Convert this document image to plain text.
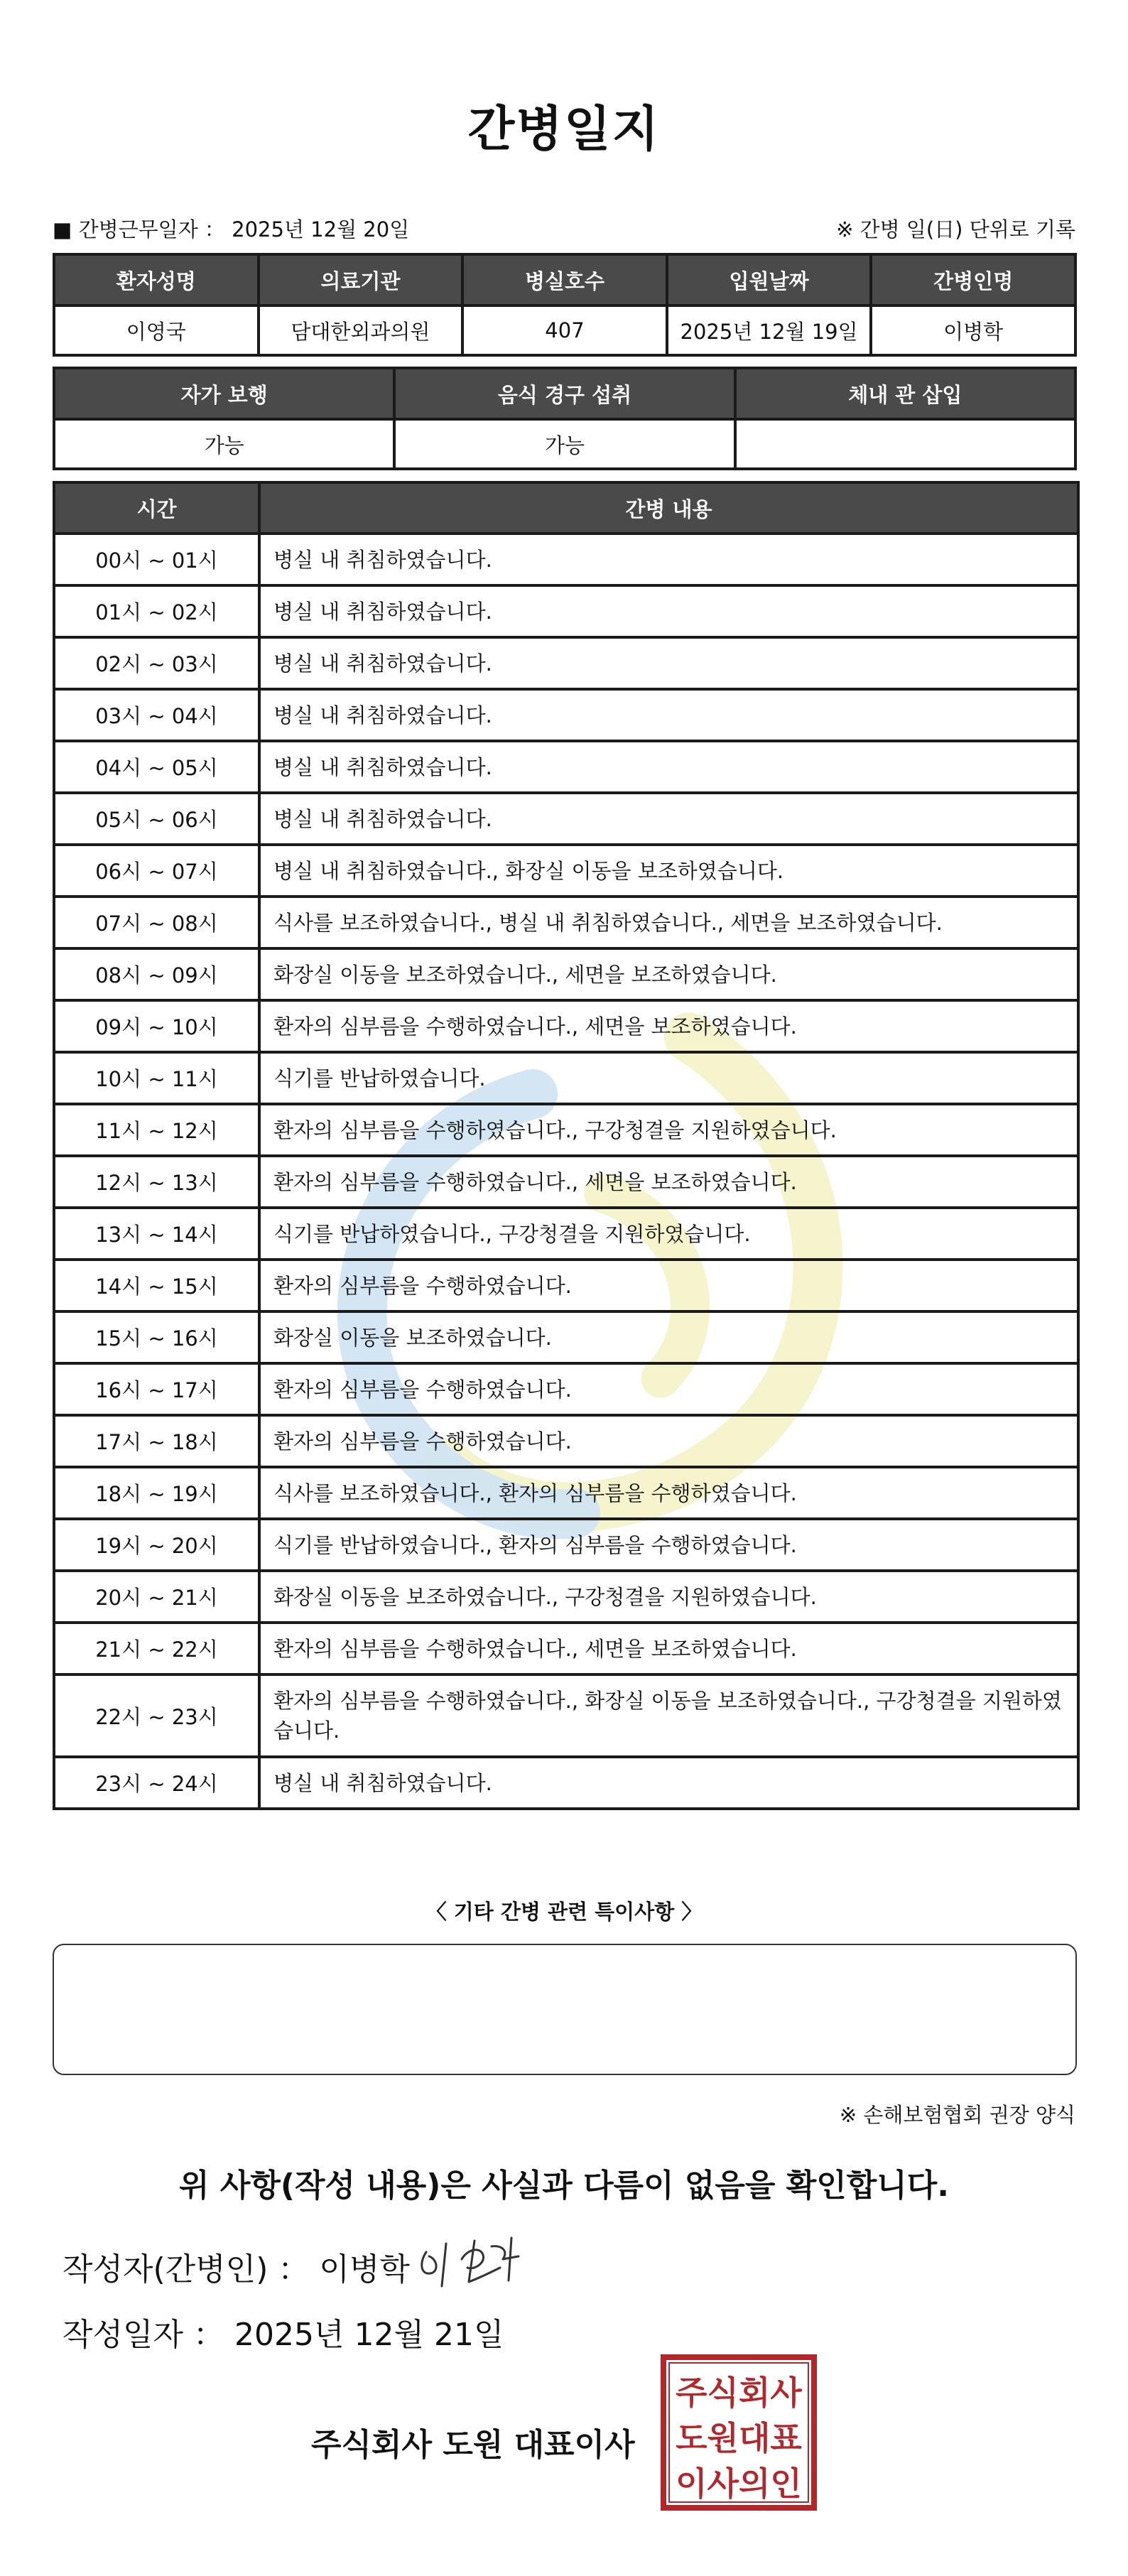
간병일지
■ 간병근무일자 ： 2025년 12월 20일	※ 간병 일(日) 단위로 기록
환자성명	의료기관	병실호수	입원날짜	간병인명
이영국	담대한외과의원	407	2025년 12월 19일	이병학
자가 보행	음식 경구 섭취	체내 관 삽입
가능	가능	
시간	간병 내용
00시 ~ 01시	병실 내 취침하였습니다.
01시 ~ 02시	병실 내 취침하였습니다.
02시 ~ 03시	병실 내 취침하였습니다.
03시 ~ 04시	병실 내 취침하였습니다.
04시 ~ 05시	병실 내 취침하였습니다.
05시 ~ 06시	병실 내 취침하였습니다.
06시 ~ 07시	병실 내 취침하였습니다., 화장실 이동을 보조하였습니다.
07시 ~ 08시	식사를 보조하였습니다., 병실 내 취침하였습니다., 세면을 보조하였습니다.
08시 ~ 09시	화장실 이동을 보조하였습니다., 세면을 보조하였습니다.
09시 ~ 10시	환자의 심부름을 수행하였습니다., 세면을 보조하였습니다.
10시 ~ 11시	식기를 반납하였습니다.
11시 ~ 12시	환자의 심부름을 수행하였습니다., 구강청결을 지원하였습니다.
12시 ~ 13시	환자의 심부름을 수행하였습니다., 세면을 보조하였습니다.
13시 ~ 14시	식기를 반납하였습니다., 구강청결을 지원하였습니다.
14시 ~ 15시	환자의 심부름을 수행하였습니다.
15시 ~ 16시	화장실 이동을 보조하였습니다.
16시 ~ 17시	환자의 심부름을 수행하였습니다.
17시 ~ 18시	환자의 심부름을 수행하였습니다.
18시 ~ 19시	식사를 보조하였습니다., 환자의 심부름을 수행하였습니다.
19시 ~ 20시	식기를 반납하였습니다., 환자의 심부름을 수행하였습니다.
20시 ~ 21시	화장실 이동을 보조하였습니다., 구강청결을 지원하였습니다.
21시 ~ 22시	환자의 심부름을 수행하였습니다., 세면을 보조하였습니다.
22시 ~ 23시	환자의 심부름을 수행하였습니다., 화장실 이동을 보조하였습니다., 구강청결을 지원하였습니다.
23시 ~ 24시	병실 내 취침하였습니다.
〈 기타 간병 관련 특이사항 〉
※ 손해보험협회 권장 양식
위 사항(작성 내용)은 사실과 다름이 없음을 확인합니다.
작성자(간병인) ： 이병학
작성일자 ： 2025년 12월 21일
주식회사 도원 대표이사
주식회사
도원대표
이사의인
